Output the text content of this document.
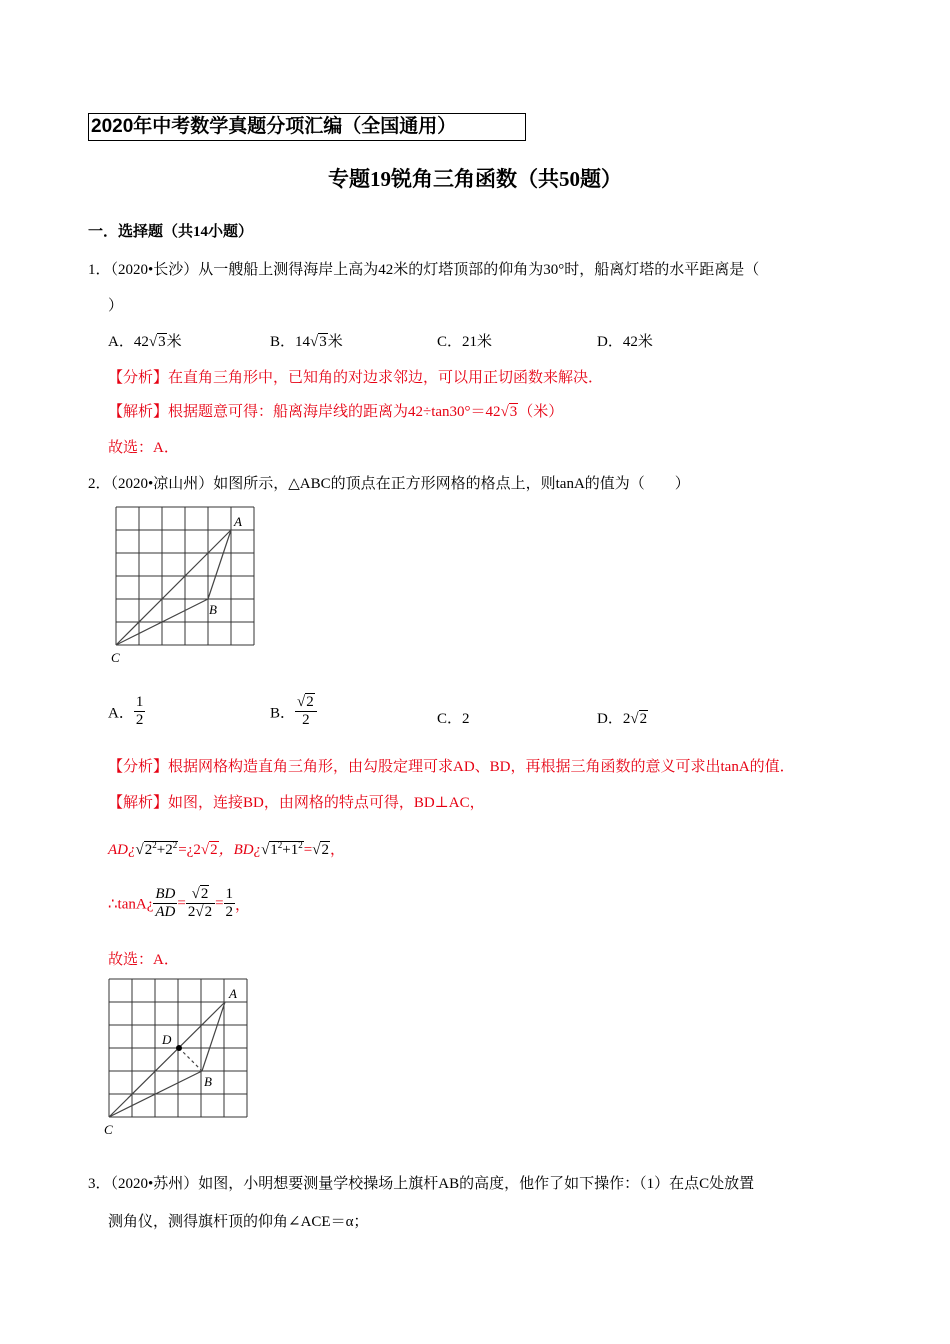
2020年中考数学真题分项汇编（全国通用）
专题19锐角三角函数（共50题）
一．选择题（共14小题）
1．（2020•长沙）从一艘船上测得海岸上高为42米的灯塔顶部的仰角为30°时，船离灯塔的水平距离是（
）
A．42√3米	B．14√3米	C．21米	D．42米
【分析】在直角三角形中，已知角的对边求邻边，可以用正切函数来解决．
【解析】根据题意可得：船离海岸线的距离为42÷tan30°＝42√3（米）
故选：A．
2．（2020•凉山州）如图所示，△ABC的顶点在正方形网格的格点上，则tanA的值为（　　）
A
B
C
A． $\frac{1}{2}$	B． $\frac{√2}{2}$	C．2	D．2√2
【分析】根据网格构造直角三角形，由勾股定理可求AD、BD，再根据三角函数的意义可求出tanA的值．
【解析】如图，连接BD，由网格的特点可得，BD⊥AC，
$AD¿√2^2+2^2=¿2√2$，$BD¿√1^2+1^2=√2$，
∴tanA¿ $\frac{BD}{AD} = \frac{√2}{2√2} = \frac{1}{2}$ ，
故选：A．
A
B
C
D
3．（2020•苏州）如图，小明想要测量学校操场上旗杆AB的高度，他作了如下操作：（1）在点C处放置
测角仪，测得旗杆顶的仰角∠ACE＝α；
